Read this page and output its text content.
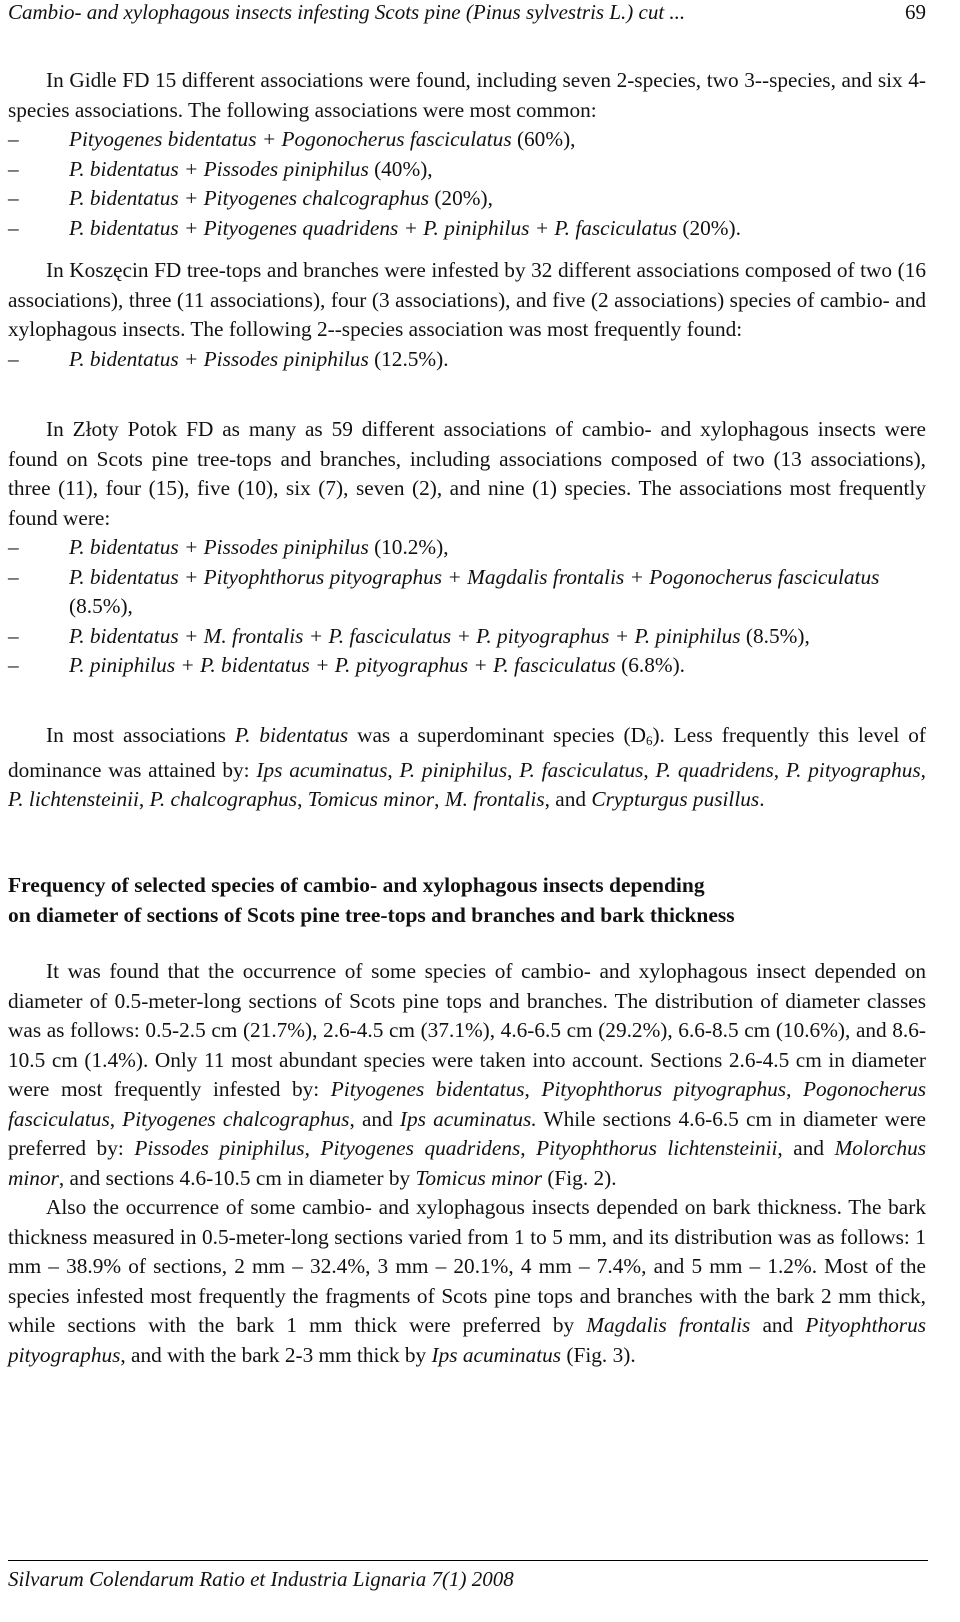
Cambio- and xylophagous insects infesting Scots pine (Pinus sylvestris L.) cut ...	69

In Gidle FD 15 different associations were found, including seven 2-species, two 3--species, and six 4-species associations. The following associations were most common:

–	Pityogenes bidentatus + Pogonocherus fasciculatus (60%),
–	P. bidentatus + Pissodes piniphilus (40%),
–	P. bidentatus + Pityogenes chalcographus (20%),
–	P. bidentatus + Pityogenes quadridens + P. piniphilus + P. fasciculatus (20%).

In Koszęcin FD tree-tops and branches were infested by 32 different associations composed of two (16 associations), three (11 associations), four (3 associations), and five (2 associations) species of cambio- and xylophagous insects. The following 2--species association was most frequently found:

–	P. bidentatus + Pissodes piniphilus (12.5%).

In Złoty Potok FD as many as 59 different associations of cambio- and xylophagous insects were found on Scots pine tree-tops and branches, including associations composed of two (13 associations), three (11), four (15), five (10), six (7), seven (2), and nine (1) species. The associations most frequently found were:

–	P. bidentatus + Pissodes piniphilus (10.2%),
–	P. bidentatus + Pityophthorus pityographus + Magdalis frontalis + Pogonocherus fasciculatus (8.5%),
–	P. bidentatus + M. frontalis + P. fasciculatus + P. pityographus + P. piniphilus (8.5%),
–	P. piniphilus + P. bidentatus + P. pityographus + P. fasciculatus (6.8%).

In most associations P. bidentatus was a superdominant species $(D_6)$. Less frequently this level of dominance was attained by: Ips acuminatus, P. piniphilus, P. fasciculatus, P. quadridens, P. pityographus, P. lichtensteinii, P. chalcographus, Tomicus minor, M. frontalis, and Crypturgus pusillus.

Frequency of selected species of cambio- and xylophagous insects depending
on diameter of sections of Scots pine tree-tops and branches and bark thickness

It was found that the occurrence of some species of cambio- and xylophagous insect depended on diameter of 0.5-meter-long sections of Scots pine tops and branches. The distribution of diameter classes was as follows: 0.5-2.5 cm (21.7%), 2.6-4.5 cm (37.1%), 4.6-6.5 cm (29.2%), 6.6-8.5 cm (10.6%), and 8.6-10.5 cm (1.4%). Only 11 most abundant species were taken into account. Sections 2.6-4.5 cm in diameter were most frequently infested by: Pityogenes bidentatus, Pityophthorus pityographus, Pogonocherus fasciculatus, Pityogenes chalcographus, and Ips acuminatus. While sections 4.6-6.5 cm in diameter were preferred by: Pissodes piniphilus, Pityogenes quadridens, Pityophthorus lichtensteinii, and Molorchus minor, and sections 4.6-10.5 cm in diameter by Tomicus minor (Fig. 2).

Also the occurrence of some cambio- and xylophagous insects depended on bark thickness. The bark thickness measured in 0.5-meter-long sections varied from 1 to 5 mm, and its distribution was as follows: 1 mm – 38.9% of sections, 2 mm – 32.4%, 3 mm – 20.1%, 4 mm – 7.4%, and 5 mm – 1.2%. Most of the species infested most frequently the fragments of Scots pine tops and branches with the bark 2 mm thick, while sections with the bark 1 mm thick were preferred by Magdalis frontalis and Pityophthorus pityographus, and with the bark 2-3 mm thick by Ips acuminatus (Fig. 3).

Silvarum Colendarum Ratio et Industria Lignaria 7(1) 2008
